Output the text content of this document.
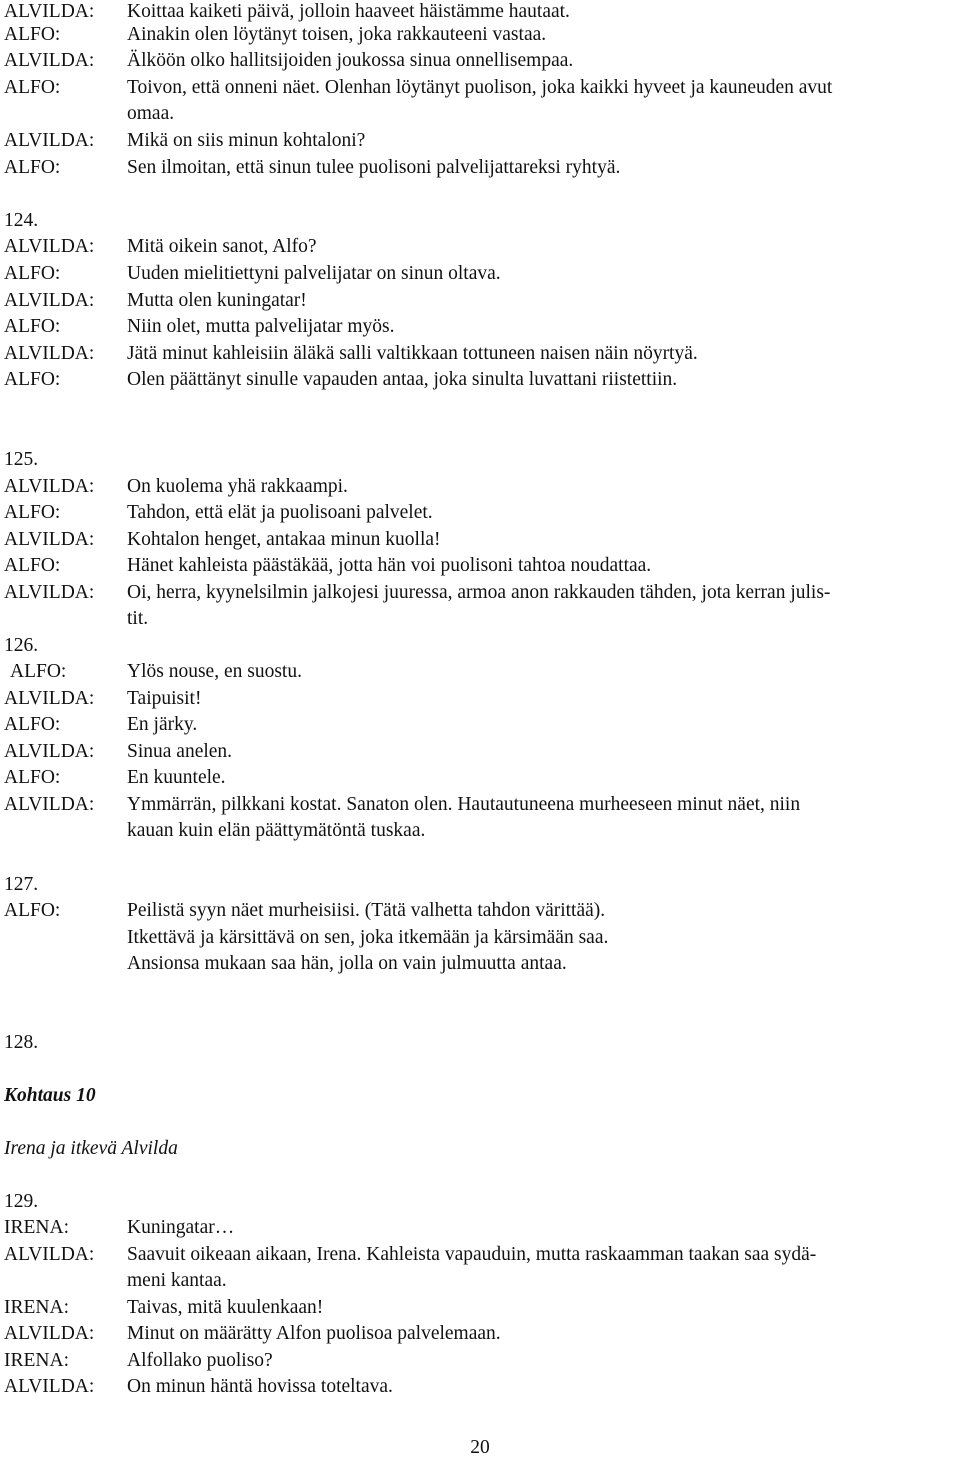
ALVILDA: Koittaa kaiketi päivä, jolloin haaveet häistämme hautaat.
ALFO:	Ainakin olen löytänyt toisen, joka rakkauteeni vastaa.
ALVILDA: Älköön olko hallitsijoiden joukossa sinua onnellisempaa.
ALFO:	Toivon, että onneni näet. Olenhan löytänyt puolison, joka kaikki hyveet ja kauneuden avut
omaa.
ALVILDA: Mikä on siis minun kohtaloni?
ALFO:	Sen ilmoitan, että sinun tulee puolisoni palvelijattareksi ryhtyä.
124.
ALVILDA: Mitä oikein sanot, Alfo?
ALFO:	Uuden mielitiettyni palvelijatar on sinun oltava.
ALVILDA: Mutta olen kuningatar!
ALFO:	Niin olet, mutta palvelijatar myös.
ALVILDA: Jätä minut kahleisiin äläkä salli valtikkaan tottuneen naisen näin nöyrtyä.
ALFO:	Olen päättänyt sinulle vapauden antaa, joka sinulta luvattani riistettiin.
125.
ALVILDA: On kuolema yhä rakkaampi.
ALFO:	Tahdon, että elät ja puolisoani palvelet.
ALVILDA: Kohtalon henget, antakaa minun kuolla!
ALFO:	Hänet kahleista päästäkää, jotta hän voi puolisoni tahtoa noudattaa.
ALVILDA: Oi, herra, kyynelsilmin jalkojesi juuressa, armoa anon rakkauden tähden, jota kerran julis-
tit.
126.
ALFO:	Ylös nouse, en suostu.
ALVILDA: Taipuisit!
ALFO:	En järky.
ALVILDA: Sinua anelen.
ALFO:	En kuuntele.
ALVILDA: Ymmärrän, pilkkani kostat. Sanaton olen. Hautautuneena murheeseen minut näet, niin
kauan kuin elän päättymätöntä tuskaa.
127.
ALFO:	Peilistä syyn näet murheisiisi. (Tätä valhetta tahdon värittää).
Itkettävä ja kärsittävä on sen, joka itkemään ja kärsimään saa.
Ansionsa mukaan saa hän, jolla on vain julmuutta antaa.
128.
Kohtaus 10
Irena ja itkevä Alvilda
129.
IRENA:	Kuningatar…
ALVILDA: Saavuit oikeaan aikaan, Irena. Kahleista vapauduin, mutta raskaamman taakan saa sydä-
meni kantaa.
IRENA:	Taivas, mitä kuulenkaan!
ALVILDA: Minut on määrätty Alfon puolisoa palvelemaan.
IRENA:	Alfollako puoliso?
ALVILDA: On minun häntä hovissa toteltava.
20
